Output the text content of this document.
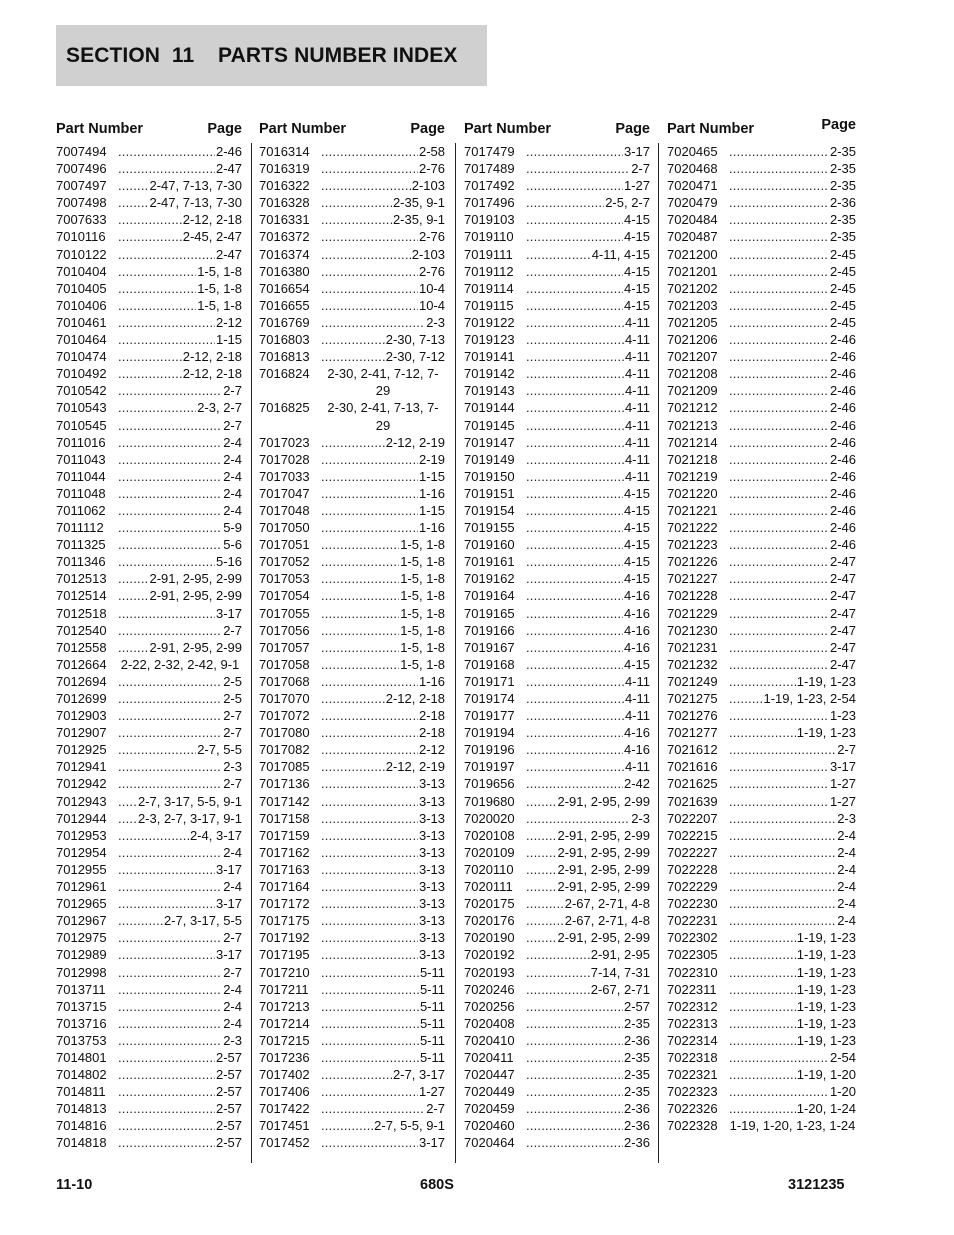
SECTION  11    PARTS NUMBER INDEX
Part Number	Page
7007494 .....	2-46
7007496 .....	2-47
7007497 .....	2-47, 7-13, 7-30
7007498 .....	2-47, 7-13, 7-30
7007633 .....	2-12, 2-18
7010116 .....	2-45, 2-47
7010122 .....	2-47
7010404 .....	1-5, 1-8
7010405 .....	1-5, 1-8
7010406 .....	1-5, 1-8
7010461 .....	2-12
7010464 .....	1-15
7010474 .....	2-12, 2-18
7010492 .....	2-12, 2-18
7010542 .....	2-7
7010543 .....	2-3, 2-7
7010545 .....	2-7
7011016 .....	2-4
7011043 .....	2-4
7011044 .....	2-4
7011048 .....	2-4
7011062 .....	2-4
7011112 .....	5-9
7011325 .....	5-6
7011346 .....	5-16
7012513 .....	2-91, 2-95, 2-99
7012514 .....	2-91, 2-95, 2-99
7012518 .....	3-17
7012540 .....	2-7
7012558 .....	2-91, 2-95, 2-99
7012664	2-22, 2-32, 2-42, 9-1
7012694 .....	2-5
7012699 .....	2-5
7012903 .....	2-7
7012907 .....	2-7
7012925 .....	2-7, 5-5
7012941 .....	2-3
7012942 .....	2-7
7012943 .....	2-7, 3-17, 5-5, 9-1
7012944 .....	2-3, 2-7, 3-17, 9-1
7012953 .....	2-4, 3-17
7012954 .....	2-4
7012955 .....	3-17
7012961 .....	2-4
7012965 .....	3-17
7012967 .....	2-7, 3-17, 5-5
7012975 .....	2-7
7012989 .....	3-17
7012998 .....	2-7
7013711 .....	2-4
7013715 .....	2-4
7013716 .....	2-4
7013753 .....	2-3
7014801 .....	2-57
7014802 .....	2-57
7014811 .....	2-57
7014813 .....	2-57
7014816 .....	2-57
7014818 .....	2-57
Part Number	Page
7016314 .....	2-58
7016319 .....	2-76
7016322 .....	2-103
7016328 .....	2-35, 9-1
7016331 .....	2-35, 9-1
7016372 .....	2-76
7016374 .....	2-103
7016380 .....	2-76
7016654 .....	10-4
7016655 .....	10-4
7016769 .....	2-3
7016803 .....	2-30, 7-13
7016813 .....	2-30, 7-12
7016824	2-30, 2-41, 7-12, 7-29
7016825	2-30, 2-41, 7-13, 7-29
7017023 .....	2-12, 2-19
7017028 .....	2-19
7017033 .....	1-15
7017047 .....	1-16
7017048 .....	1-15
7017050 .....	1-16
7017051 .....	1-5, 1-8
7017052 .....	1-5, 1-8
7017053 .....	1-5, 1-8
7017054 .....	1-5, 1-8
7017055 .....	1-5, 1-8
7017056 .....	1-5, 1-8
7017057 .....	1-5, 1-8
7017058 .....	1-5, 1-8
7017068 .....	1-16
7017070 .....	2-12, 2-18
7017072 .....	2-18
7017080 .....	2-18
7017082 .....	2-12
7017085 .....	2-12, 2-19
7017136 .....	3-13
7017142 .....	3-13
7017158 .....	3-13
7017159 .....	3-13
7017162 .....	3-13
7017163 .....	3-13
7017164 .....	3-13
7017172 .....	3-13
7017175 .....	3-13
7017192 .....	3-13
7017195 .....	3-13
7017210 .....	5-11
7017211 .....	5-11
7017213 .....	5-11
7017214 .....	5-11
7017215 .....	5-11
7017236 .....	5-11
7017402 .....	2-7, 3-17
7017406 .....	1-27
7017422 .....	2-7
7017451 .....	2-7, 5-5, 9-1
7017452 .....	3-17
Part Number	Page
7017479 .....	3-17
7017489 .....	2-7
7017492 .....	1-27
7017496 .....	2-5, 2-7
7019103 .....	4-15
7019110 .....	4-15
7019111 .....	4-11, 4-15
7019112 .....	4-15
7019114 .....	4-15
7019115 .....	4-15
7019122 .....	4-11
7019123 .....	4-11
7019141 .....	4-11
7019142 .....	4-11
7019143 .....	4-11
7019144 .....	4-11
7019145 .....	4-11
7019147 .....	4-11
7019149 .....	4-11
7019150 .....	4-11
7019151 .....	4-15
7019154 .....	4-15
7019155 .....	4-15
7019160 .....	4-15
7019161 .....	4-15
7019162 .....	4-15
7019164 .....	4-16
7019165 .....	4-16
7019166 .....	4-16
7019167 .....	4-16
7019168 .....	4-15
7019171 .....	4-11
7019174 .....	4-11
7019177 .....	4-11
7019194 .....	4-16
7019196 .....	4-16
7019197 .....	4-11
7019656 .....	2-42
7019680 .....	2-91, 2-95, 2-99
7020020 .....	2-3
7020108 .....	2-91, 2-95, 2-99
7020109 .....	2-91, 2-95, 2-99
7020110 .....	2-91, 2-95, 2-99
7020111 .....	2-91, 2-95, 2-99
7020175 .....	2-67, 2-71, 4-8
7020176 .....	2-67, 2-71, 4-8
7020190 .....	2-91, 2-95, 2-99
7020192 .....	2-91, 2-95
7020193 .....	7-14, 7-31
7020246 .....	2-67, 2-71
7020256 .....	2-57
7020408 .....	2-35
7020410 .....	2-36
7020411 .....	2-35
7020447 .....	2-35
7020449 .....	2-35
7020459 .....	2-36
7020460 .....	2-36
7020464 .....	2-36
Part Number	Page
7020465 .....	2-35
7020468 .....	2-35
7020471 .....	2-35
7020479 .....	2-36
7020484 .....	2-35
7020487 .....	2-35
7021200 .....	2-45
7021201 .....	2-45
7021202 .....	2-45
7021203 .....	2-45
7021205 .....	2-45
7021206 .....	2-46
7021207 .....	2-46
7021208 .....	2-46
7021209 .....	2-46
7021212 .....	2-46
7021213 .....	2-46
7021214 .....	2-46
7021218 .....	2-46
7021219 .....	2-46
7021220 .....	2-46
7021221 .....	2-46
7021222 .....	2-46
7021223 .....	2-46
7021226 .....	2-47
7021227 .....	2-47
7021228 .....	2-47
7021229 .....	2-47
7021230 .....	2-47
7021231 .....	2-47
7021232 .....	2-47
7021249 .....	1-19, 1-23
7021275 .....	1-19, 1-23, 2-54
7021276 .....	1-23
7021277 .....	1-19, 1-23
7021612 .....	2-7
7021616 .....	3-17
7021625 .....	1-27
7021639 .....	1-27
7022207 .....	2-3
7022215 .....	2-4
7022227 .....	2-4
7022228 .....	2-4
7022229 .....	2-4
7022230 .....	2-4
7022231 .....	2-4
7022302 .....	1-19, 1-23
7022305 .....	1-19, 1-23
7022310 .....	1-19, 1-23
7022311 .....	1-19, 1-23
7022312 .....	1-19, 1-23
7022313 .....	1-19, 1-23
7022314 .....	1-19, 1-23
7022318 .....	2-54
7022321 .....	1-19, 1-20
7022323 .....	1-20
7022326 .....	1-20, 1-24
7022328 1-19, 1-20, 1-23, 1-24
11-10	680S	3121235
